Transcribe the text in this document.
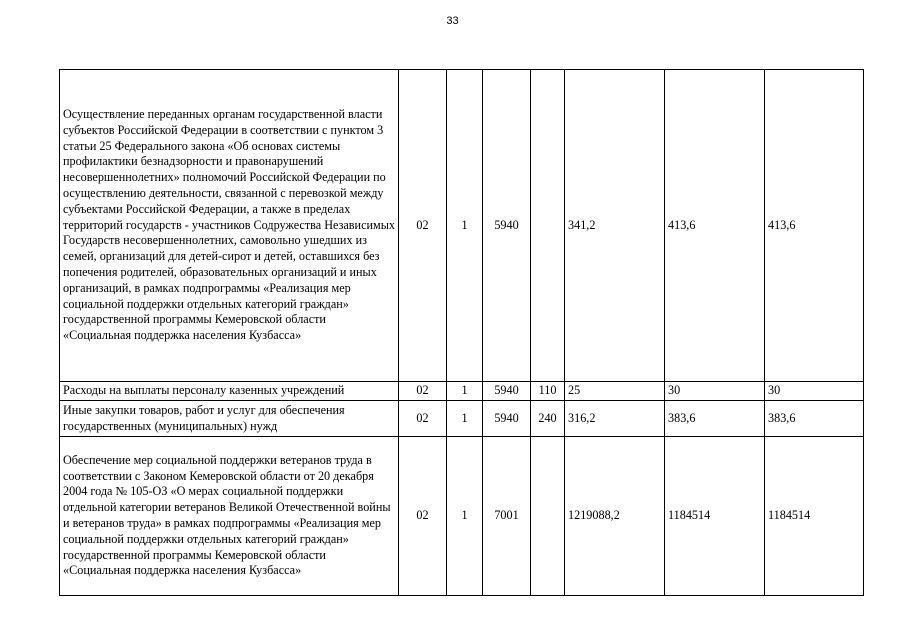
33
Осуществление переданных органам государственной власти субъектов Российской Федерации в соответствии с пунктом 3 статьи 25 Федерального закона «Об основах системы профилактики безнадзорности и правонарушений несовершеннолетних» полномочий Российской Федерации по осуществлению деятельности, связанной с перевозкой между субъектами Российской Федерации, а также в пределах территорий государств - участников Содружества Независимых Государств несовершеннолетних, самовольно ушедших из семей, организаций для детей-сирот и детей, оставшихся без попечения родителей, образовательных организаций и иных организаций, в рамках подпрограммы «Реализация мер социальной поддержки отдельных категорий граждан» государственной программы Кемеровской области «Социальная поддержка населения Кузбасса»	02	1	5940		341,2	413,6	413,6
Расходы на выплаты персоналу казенных учреждений	02	1	5940	110	25	30	30
Иные закупки товаров, работ и услуг для обеспечения государственных (муниципальных) нужд	02	1	5940	240	316,2	383,6	383,6
Обеспечение мер социальной поддержки ветеранов труда в соответствии с Законом Кемеровской области от 20 декабря 2004 года № 105-ОЗ «О мерах социальной поддержки отдельной категории ветеранов Великой Отечественной войны и ветеранов труда» в рамках подпрограммы «Реализация мер социальной поддержки отдельных категорий граждан» государственной программы Кемеровской области «Социальная поддержка населения Кузбасса»	02	1	7001		1219088,2	1184514	1184514
